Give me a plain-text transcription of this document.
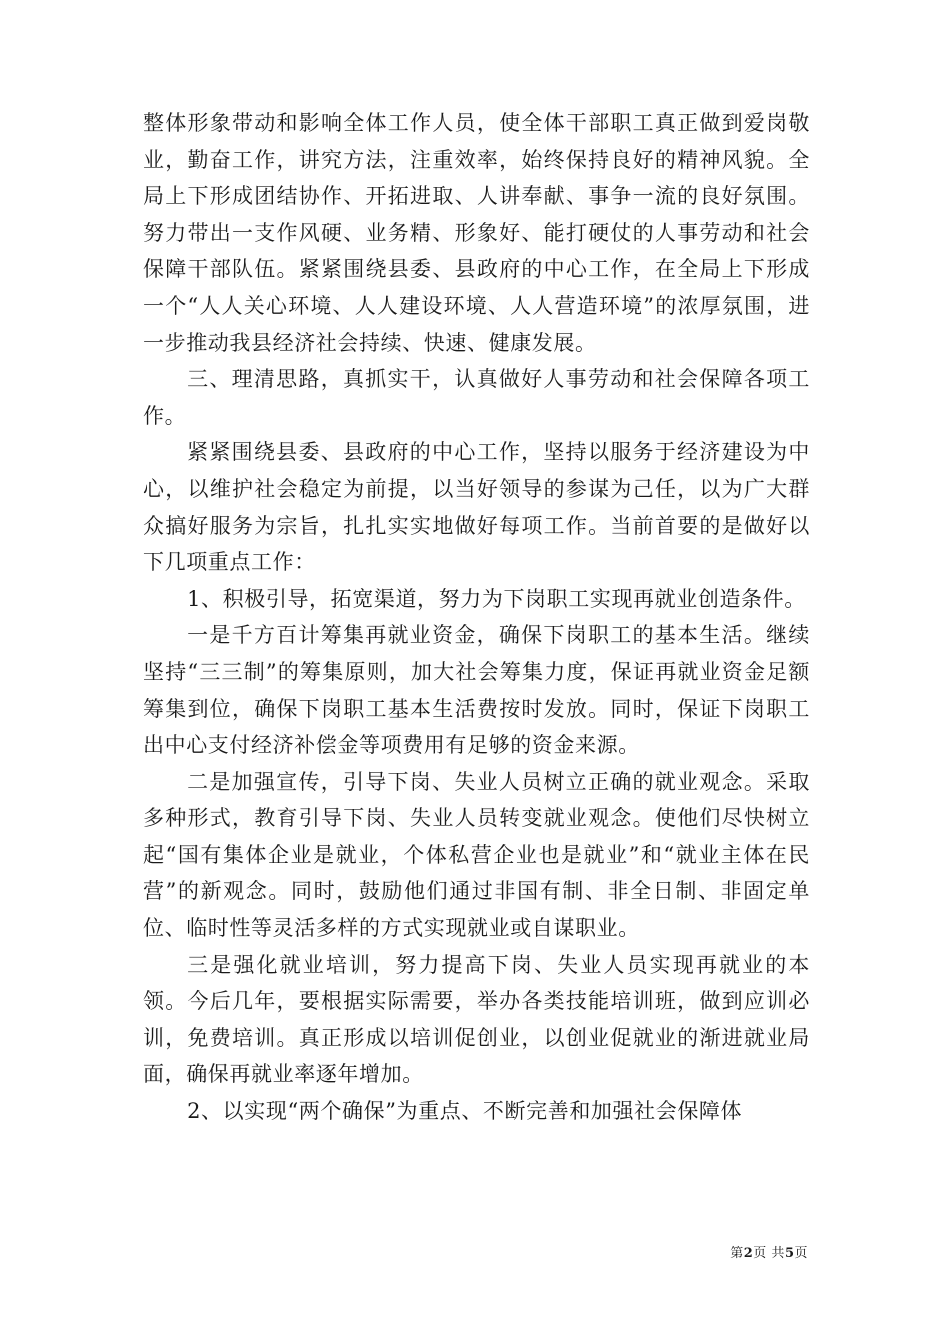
整体形象带动和影响全体工作人员，使全体干部职工真正做到爱岗敬业，勤奋工作，讲究方法，注重效率，始终保持良好的精神风貌。全局上下形成团结协作、开拓进取、人讲奉献、事争一流的良好氛围。努力带出一支作风硬、业务精、形象好、能打硬仗的人事劳动和社会保障干部队伍。紧紧围绕县委、县政府的中心工作，在全局上下形成一个“人人关心环境、人人建设环境、人人营造环境”的浓厚氛围，进一步推动我县经济社会持续、快速、健康发展。

三、理清思路，真抓实干，认真做好人事劳动和社会保障各项工作。

紧紧围绕县委、县政府的中心工作，坚持以服务于经济建设为中心，以维护社会稳定为前提，以当好领导的参谋为己任，以为广大群众搞好服务为宗旨，扎扎实实地做好每项工作。当前首要的是做好以下几项重点工作：

1、积极引导，拓宽渠道，努力为下岗职工实现再就业创造条件。

一是千方百计筹集再就业资金，确保下岗职工的基本生活。继续坚持“三三制”的筹集原则，加大社会筹集力度，保证再就业资金足额筹集到位，确保下岗职工基本生活费按时发放。同时，保证下岗职工出中心支付经济补偿金等项费用有足够的资金来源。

二是加强宣传，引导下岗、失业人员树立正确的就业观念。采取多种形式，教育引导下岗、失业人员转变就业观念。使他们尽快树立起“国有集体企业是就业，个体私营企业也是就业”和“就业主体在民营”的新观念。同时，鼓励他们通过非国有制、非全日制、非固定单位、临时性等灵活多样的方式实现就业或自谋职业。

三是强化就业培训，努力提高下岗、失业人员实现再就业的本领。今后几年，要根据实际需要，举办各类技能培训班，做到应训必训，免费培训。真正形成以培训促创业，以创业促就业的渐进就业局面，确保再就业率逐年增加。

2、以实现“两个确保”为重点、不断完善和加强社会保障体

第2页 共5页
